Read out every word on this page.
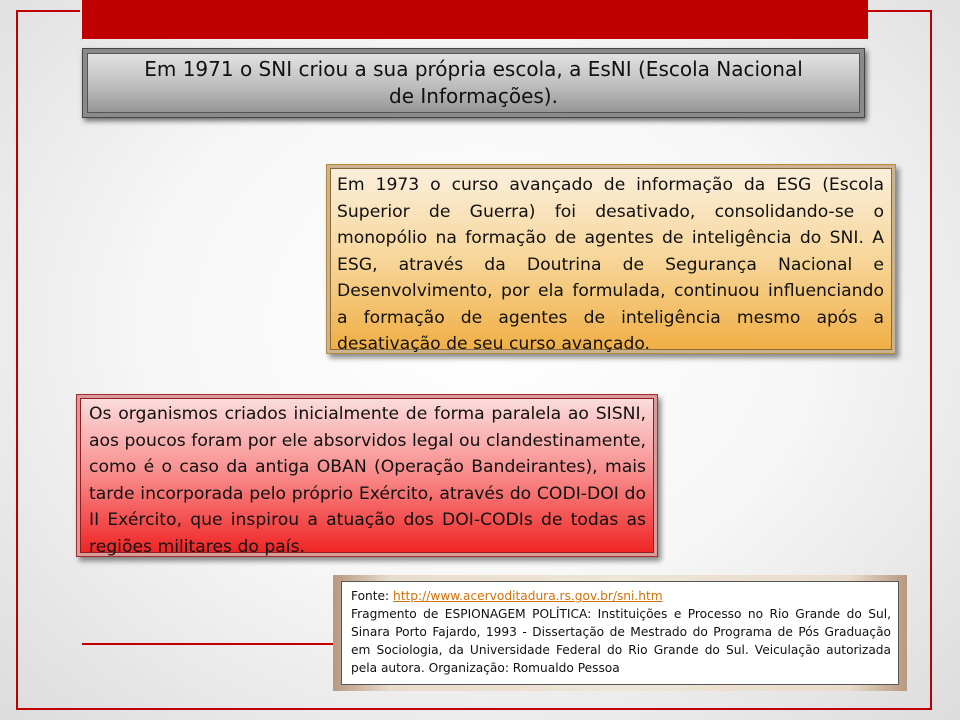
Em 1971 o SNI criou a sua própria escola, a EsNI (Escola Nacional de Informações).
Em 1973 o curso avançado de informação da ESG (Escola Superior de Guerra) foi desativado, consolidando-se o monopólio na formação de agentes de inteligência do SNI. A ESG, através da Doutrina de Segurança Nacional e Desenvolvimento, por ela formulada, continuou influenciando a formação de agentes de inteligência mesmo após a desativação de seu curso avançado.
Os organismos criados inicialmente de forma paralela ao SISNI, aos poucos foram por ele absorvidos legal ou clandestinamente, como é o caso da antiga OBAN (Operação Bandeirantes), mais tarde incorporada pelo próprio Exército, através do CODI-DOI do II Exército, que inspirou a atuação dos DOI-CODIs de todas as regiões militares do país.
Fonte: http://www.acervoditadura.rs.gov.br/sni.htm
Fragmento de ESPIONAGEM POLÍTICA: Instituições e Processo no Rio Grande do Sul, Sinara Porto Fajardo, 1993 - Dissertação de Mestrado do Programa de Pós Graduação em Sociologia, da Universidade Federal do Rio Grande do Sul. Veiculação autorizada pela autora. Organização: Romualdo Pessoa
